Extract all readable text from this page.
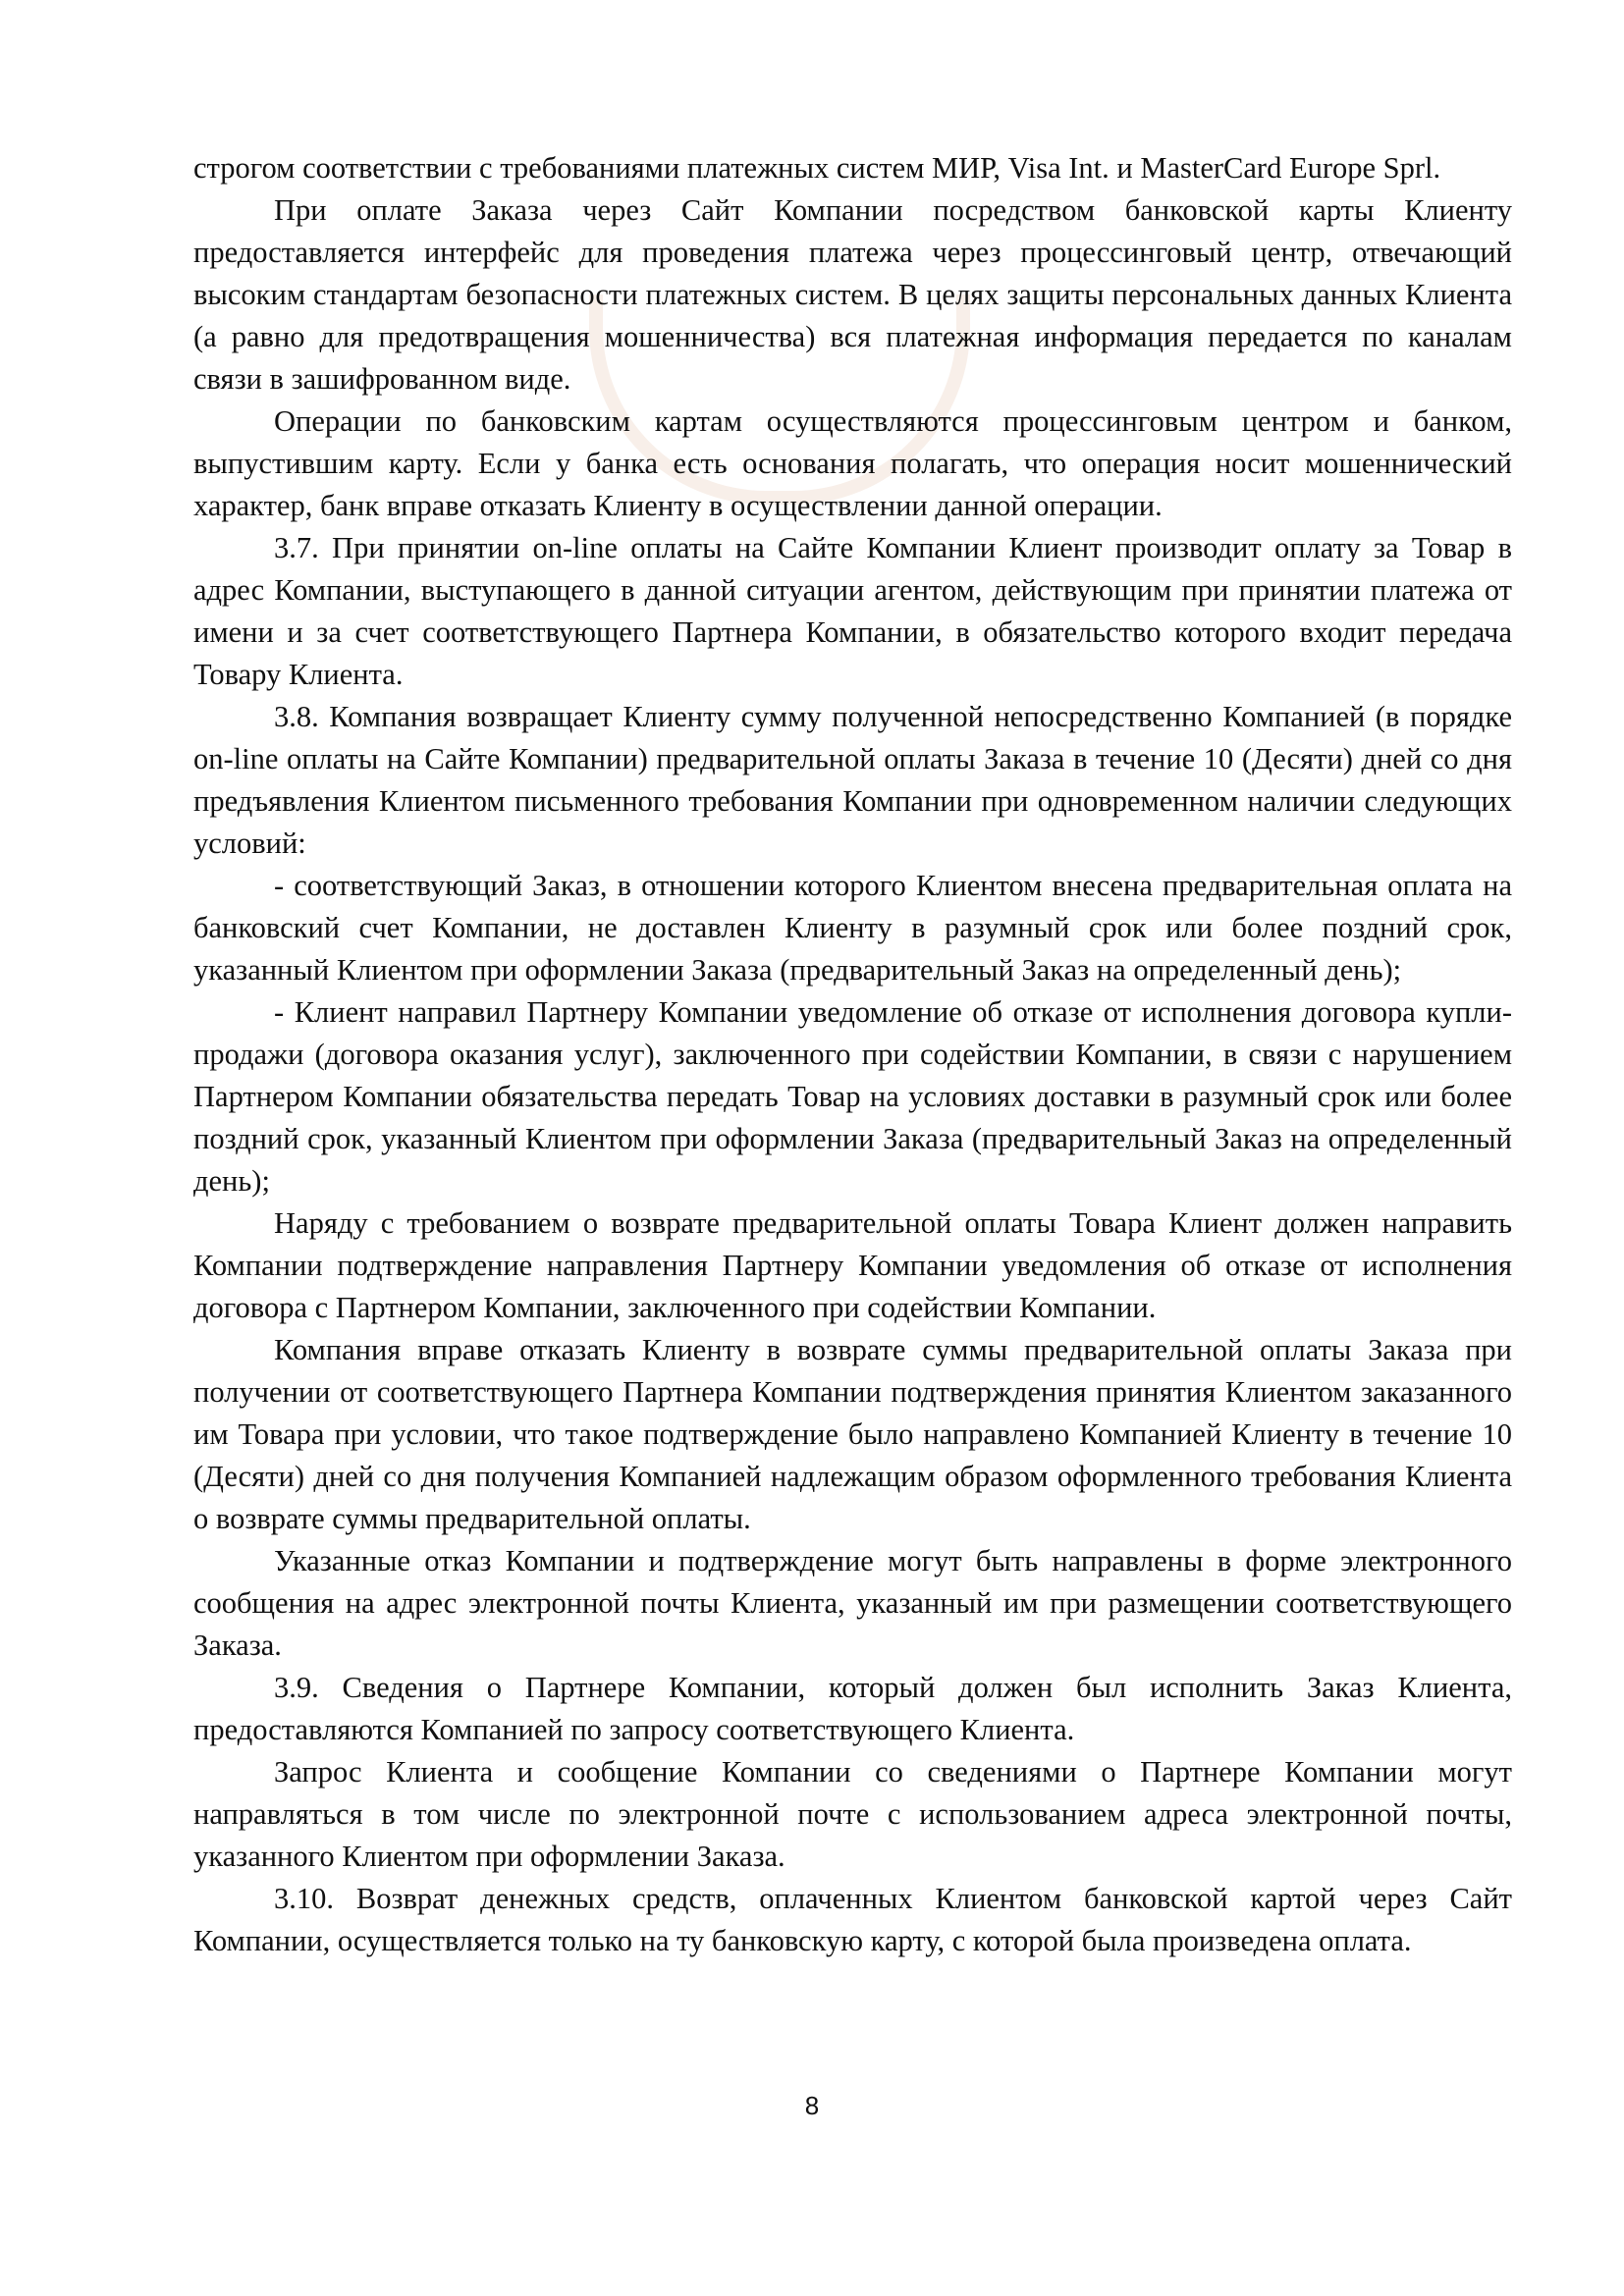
строгом соответствии с требованиями платежных систем МИР, Visa Int. и MasterCard Europe Sprl.

При оплате Заказа через Сайт Компании посредством банковской карты Клиенту предоставляется интерфейс для проведения платежа через процессинговый центр, отвечающий высоким стандартам безопасности платежных систем. В целях защиты персональных данных Клиента (а равно для предотвращения мошенничества) вся платежная информация передается по каналам связи в зашифрованном виде.

Операции по банковским картам осуществляются процессинговым центром и банком, выпустившим карту. Если у банка есть основания полагать, что операция носит мошеннический характер, банк вправе отказать Клиенту в осуществлении данной операции.

3.7. При принятии on-line оплаты на Сайте Компании Клиент производит оплату за Товар в адрес Компании, выступающего в данной ситуации агентом, действующим при принятии платежа от имени и за счет соответствующего Партнера Компании, в обязательство которого входит передача Товару Клиента.

3.8. Компания возвращает Клиенту сумму полученной непосредственно Компанией (в порядке on-line оплаты на Сайте Компании) предварительной оплаты Заказа в течение 10 (Десяти) дней со дня предъявления Клиентом письменного требования Компании при одновременном наличии следующих условий:

- соответствующий Заказ, в отношении которого Клиентом внесена предварительная оплата на банковский счет Компании, не доставлен Клиенту в разумный срок или более поздний срок, указанный Клиентом при оформлении Заказа (предварительный Заказ на определенный день);

- Клиент направил Партнеру Компании уведомление об отказе от исполнения договора купли-продажи (договора оказания услуг), заключенного при содействии Компании, в связи с нарушением Партнером Компании обязательства передать Товар на условиях доставки в разумный срок или более поздний срок, указанный Клиентом при оформлении Заказа (предварительный Заказ на определенный день);

Наряду с требованием о возврате предварительной оплаты Товара Клиент должен направить Компании подтверждение направления Партнеру Компании уведомления об отказе от исполнения договора с Партнером Компании, заключенного при содействии Компании.

Компания вправе отказать Клиенту в возврате суммы предварительной оплаты Заказа при получении от соответствующего Партнера Компании подтверждения принятия Клиентом заказанного им Товара при условии, что такое подтверждение было направлено Компанией Клиенту в течение 10 (Десяти) дней со дня получения Компанией надлежащим образом оформленного требования Клиента о возврате суммы предварительной оплаты.

Указанные отказ Компании и подтверждение могут быть направлены в форме электронного сообщения на адрес электронной почты Клиента, указанный им при размещении соответствующего Заказа.

3.9. Сведения о Партнере Компании, который должен был исполнить Заказ Клиента, предоставляются Компанией по запросу соответствующего Клиента.

Запрос Клиента и сообщение Компании со сведениями о Партнере Компании могут направляться в том числе по электронной почте с использованием адреса электронной почты, указанного Клиентом при оформлении Заказа.

3.10. Возврат денежных средств, оплаченных Клиентом банковской картой через Сайт Компании, осуществляется только на ту банковскую карту, с которой была произведена оплата.

8
